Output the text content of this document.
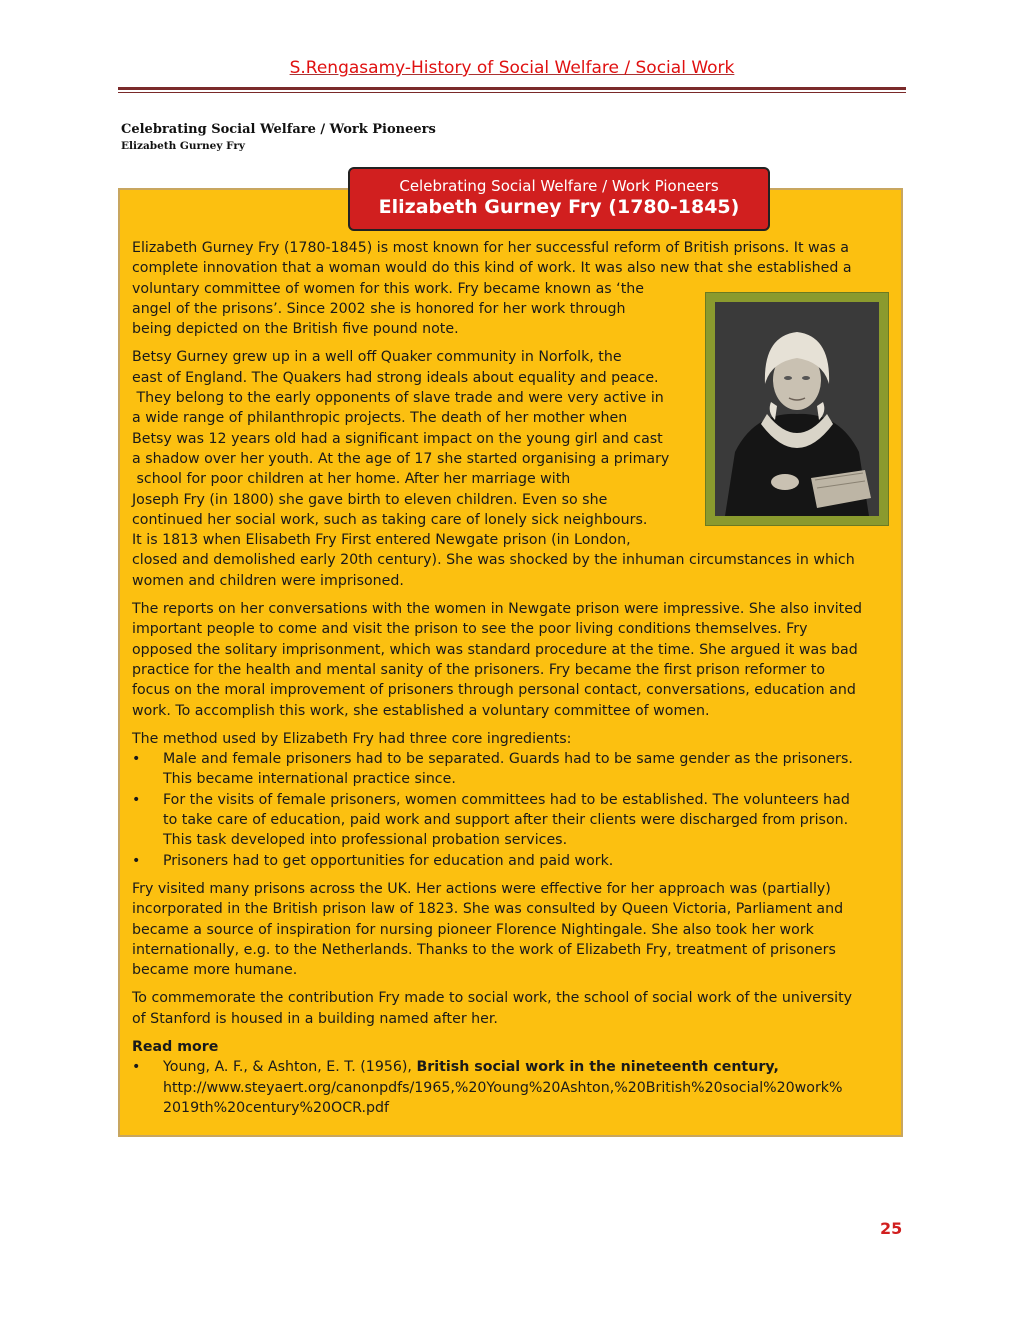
S.Rengasamy-History of Social Welfare / Social Work
Celebrating Social Welfare / Work Pioneers
Elizabeth Gurney Fry
Celebrating Social Welfare / Work Pioneers
Elizabeth Gurney Fry (1780-1845)
Elizabeth Gurney Fry (1780-1845) is most known for her successful reform of British prisons. It was a
complete innovation that a woman would do this kind of work. It was also new that she established a
voluntary committee of women for this work. Fry became known as ‘the
angel of the prisons’. Since 2002 she is honored for her work through
being depicted on the British five pound note.
Betsy Gurney grew up in a well off Quaker community in Norfolk, the
east of England. The Quakers had strong ideals about equality and peace.
They belong to the early opponents of slave trade and were very active in
a wide range of philanthropic projects. The death of her mother when
Betsy was 12 years old had a significant impact on the young girl and cast
a shadow over her youth. At the age of 17 she started organising a primary
school for poor children at her home. After her marriage with
Joseph Fry (in 1800) she gave birth to eleven children. Even so she
continued her social work, such as taking care of lonely sick neighbours.
It is 1813 when Elisabeth Fry First entered Newgate prison (in London,
closed and demolished early 20th century). She was shocked by the inhuman circumstances in which
women and children were imprisoned.
The reports on her conversations with the women in Newgate prison were impressive. She also invited
important people to come and visit the prison to see the poor living conditions themselves. Fry
opposed the solitary imprisonment, which was standard procedure at the time. She argued it was bad
practice for the health and mental sanity of the prisoners. Fry became the first prison reformer to
focus on the moral improvement of prisoners through personal contact, conversations, education and
work. To accomplish this work, she established a voluntary committee of women.
The method used by Elizabeth Fry had three core ingredients:
• Male and female prisoners had to be separated. Guards had to be same gender as the prisoners.
This became international practice since.
• For the visits of female prisoners, women committees had to be established. The volunteers had
to take care of education, paid work and support after their clients were discharged from prison.
This task developed into professional probation services.
• Prisoners had to get opportunities for education and paid work.
Fry visited many prisons across the UK. Her actions were effective for her approach was (partially)
incorporated in the British prison law of 1823. She was consulted by Queen Victoria, Parliament and
became a source of inspiration for nursing pioneer Florence Nightingale. She also took her work
internationally, e.g. to the Netherlands. Thanks to the work of Elizabeth Fry, treatment of prisoners
became more humane.
To commemorate the contribution Fry made to social work, the school of social work of the university
of Stanford is housed in a building named after her.
Read more
• Young, A. F., & Ashton, E. T. (1956), British social work in the nineteenth century,
http://www.steyaert.org/canonpdfs/1965,%20Young%20Ashton,%20British%20social%20work%
2019th%20century%20OCR.pdf
25
